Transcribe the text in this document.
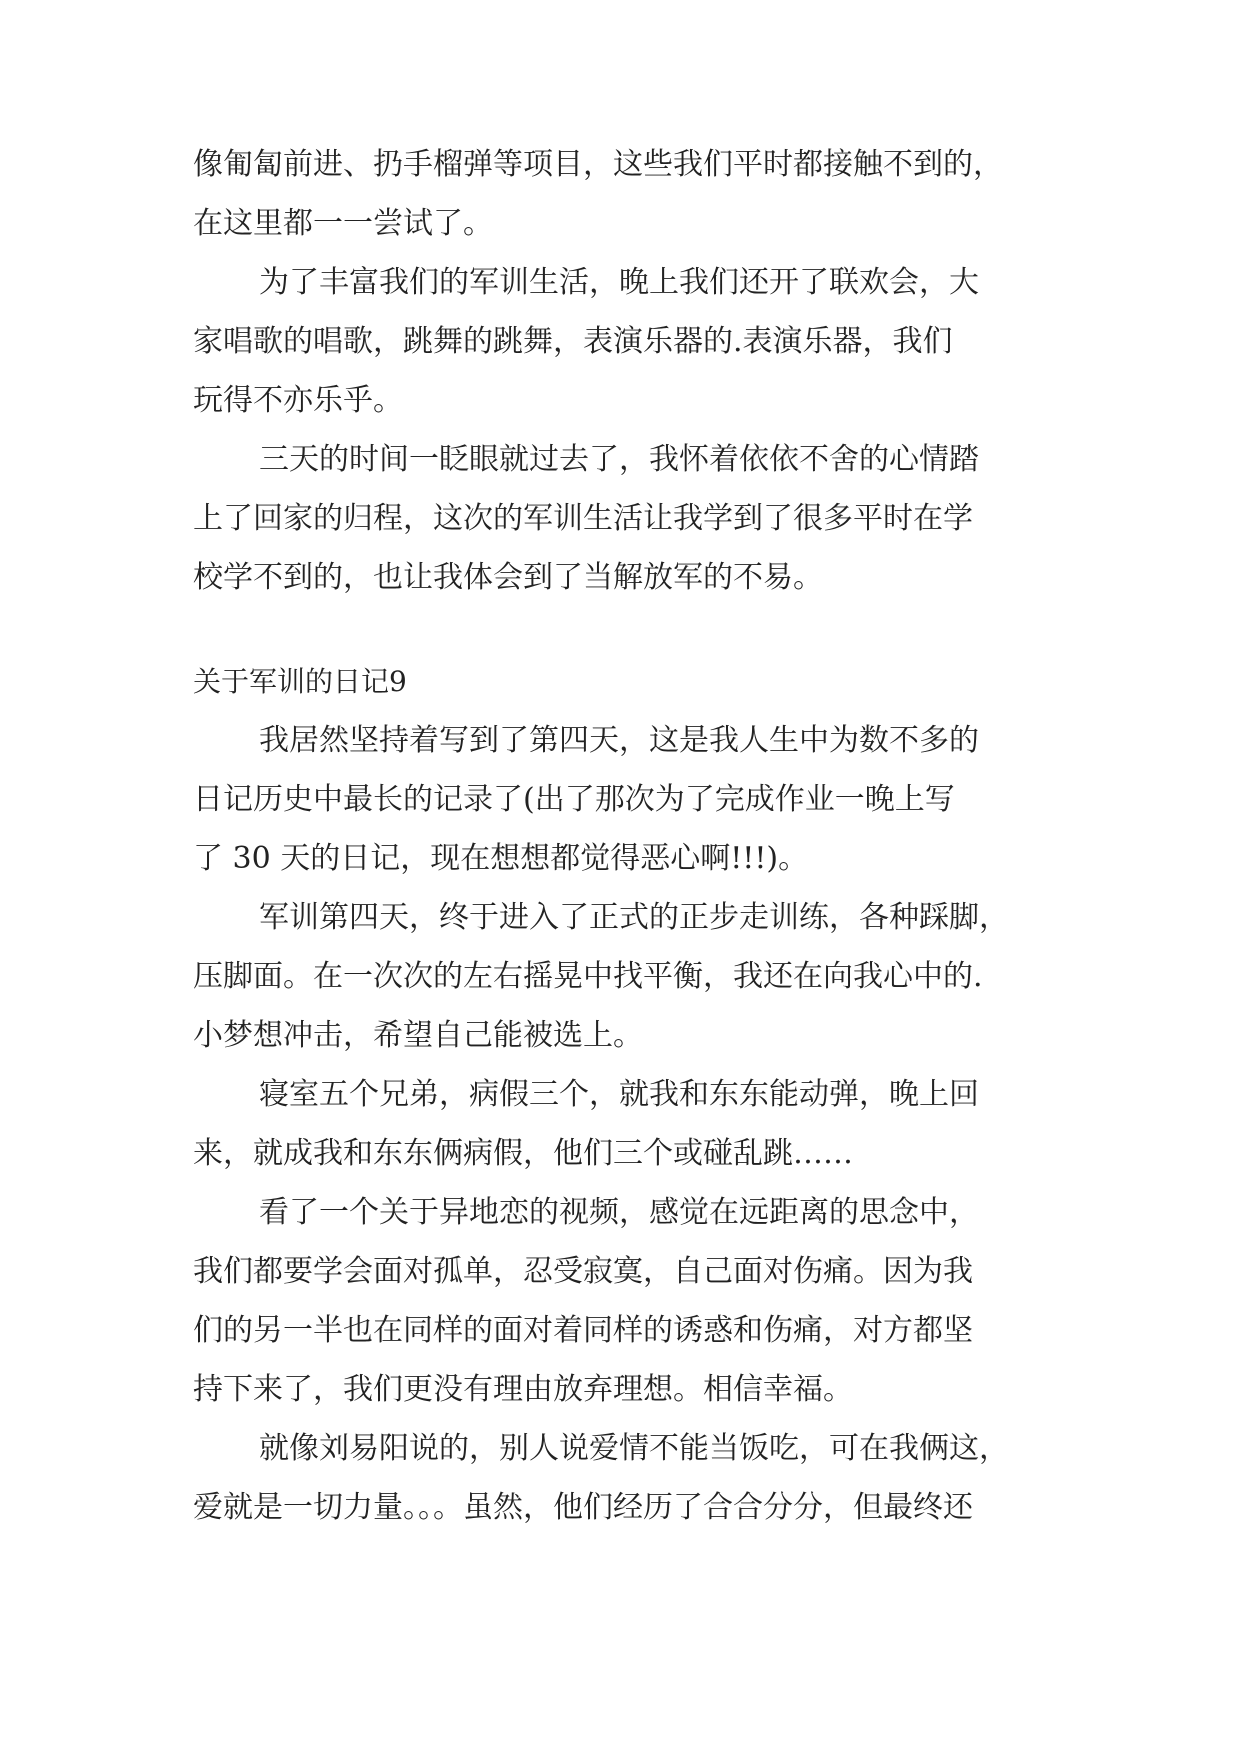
像匍匐前进、扔手榴弹等项目，这些我们平时都接触不到的，

在这里都一一尝试了。

为了丰富我们的军训生活，晚上我们还开了联欢会，大

家唱歌的唱歌，跳舞的跳舞，表演乐器的.表演乐器，我们

玩得不亦乐乎。

三天的时间一眨眼就过去了，我怀着依依不舍的心情踏

上了回家的归程，这次的军训生活让我学到了很多平时在学

校学不到的，也让我体会到了当解放军的不易。

关于军训的日记9

我居然坚持着写到了第四天，这是我人生中为数不多的

日记历史中最长的记录了(出了那次为了完成作业一晚上写

了 30 天的日记，现在想想都觉得恶心啊!!!)。

军训第四天，终于进入了正式的正步走训练，各种踩脚，

压脚面。在一次次的左右摇晃中找平衡，我还在向我心中的.

小梦想冲击，希望自己能被选上。

寝室五个兄弟，病假三个，就我和东东能动弹，晚上回

来，就成我和东东俩病假，他们三个或碰乱跳……

看了一个关于异地恋的视频，感觉在远距离的思念中，

我们都要学会面对孤单，忍受寂寞，自己面对伤痛。因为我

们的另一半也在同样的面对着同样的诱惑和伤痛，对方都坚

持下来了，我们更没有理由放弃理想。相信幸福。

就像刘易阳说的，别人说爱情不能当饭吃，可在我俩这，

爱就是一切力量。。。虽然，他们经历了合合分分，但最终还
